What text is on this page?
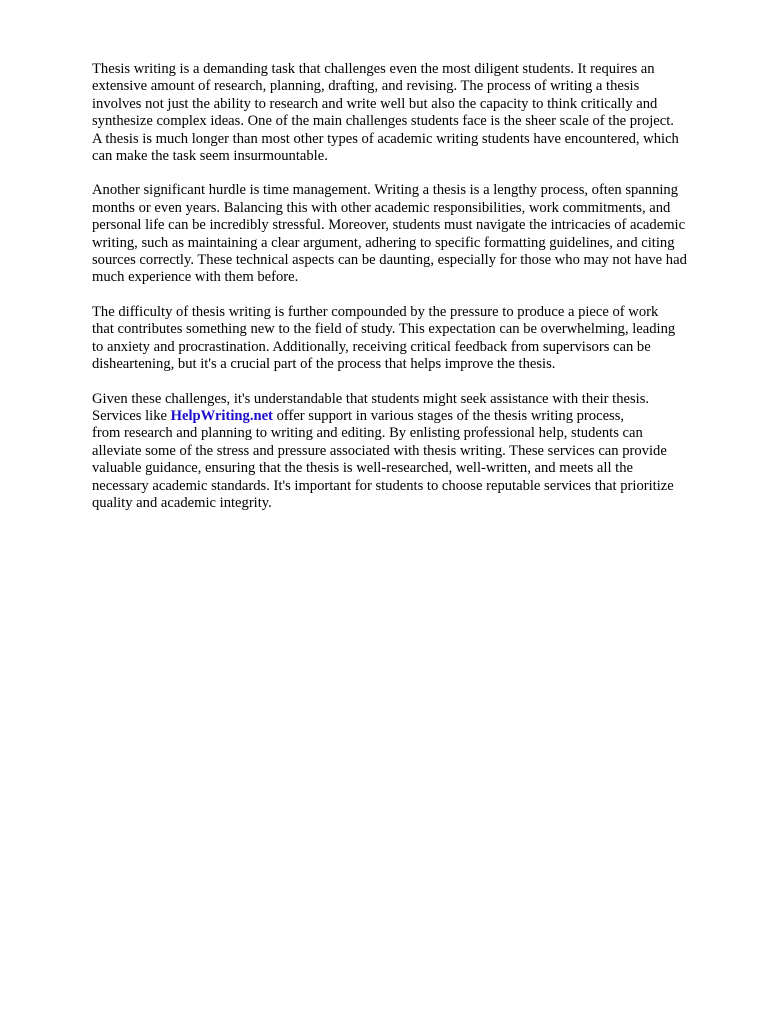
Thesis writing is a demanding task that challenges even the most diligent students. It requires an
extensive amount of research, planning, drafting, and revising. The process of writing a thesis
involves not just the ability to research and write well but also the capacity to think critically and
synthesize complex ideas. One of the main challenges students face is the sheer scale of the project.
A thesis is much longer than most other types of academic writing students have encountered, which
can make the task seem insurmountable.

Another significant hurdle is time management. Writing a thesis is a lengthy process, often spanning
months or even years. Balancing this with other academic responsibilities, work commitments, and
personal life can be incredibly stressful. Moreover, students must navigate the intricacies of academic
writing, such as maintaining a clear argument, adhering to specific formatting guidelines, and citing
sources correctly. These technical aspects can be daunting, especially for those who may not have had
much experience with them before.

The difficulty of thesis writing is further compounded by the pressure to produce a piece of work
that contributes something new to the field of study. This expectation can be overwhelming, leading
to anxiety and procrastination. Additionally, receiving critical feedback from supervisors can be
disheartening, but it's a crucial part of the process that helps improve the thesis.

Given these challenges, it's understandable that students might seek assistance with their thesis.
Services like HelpWriting.net offer support in various stages of the thesis writing process,
from research and planning to writing and editing. By enlisting professional help, students can
alleviate some of the stress and pressure associated with thesis writing. These services can provide
valuable guidance, ensuring that the thesis is well-researched, well-written, and meets all the
necessary academic standards. It's important for students to choose reputable services that prioritize
quality and academic integrity.
